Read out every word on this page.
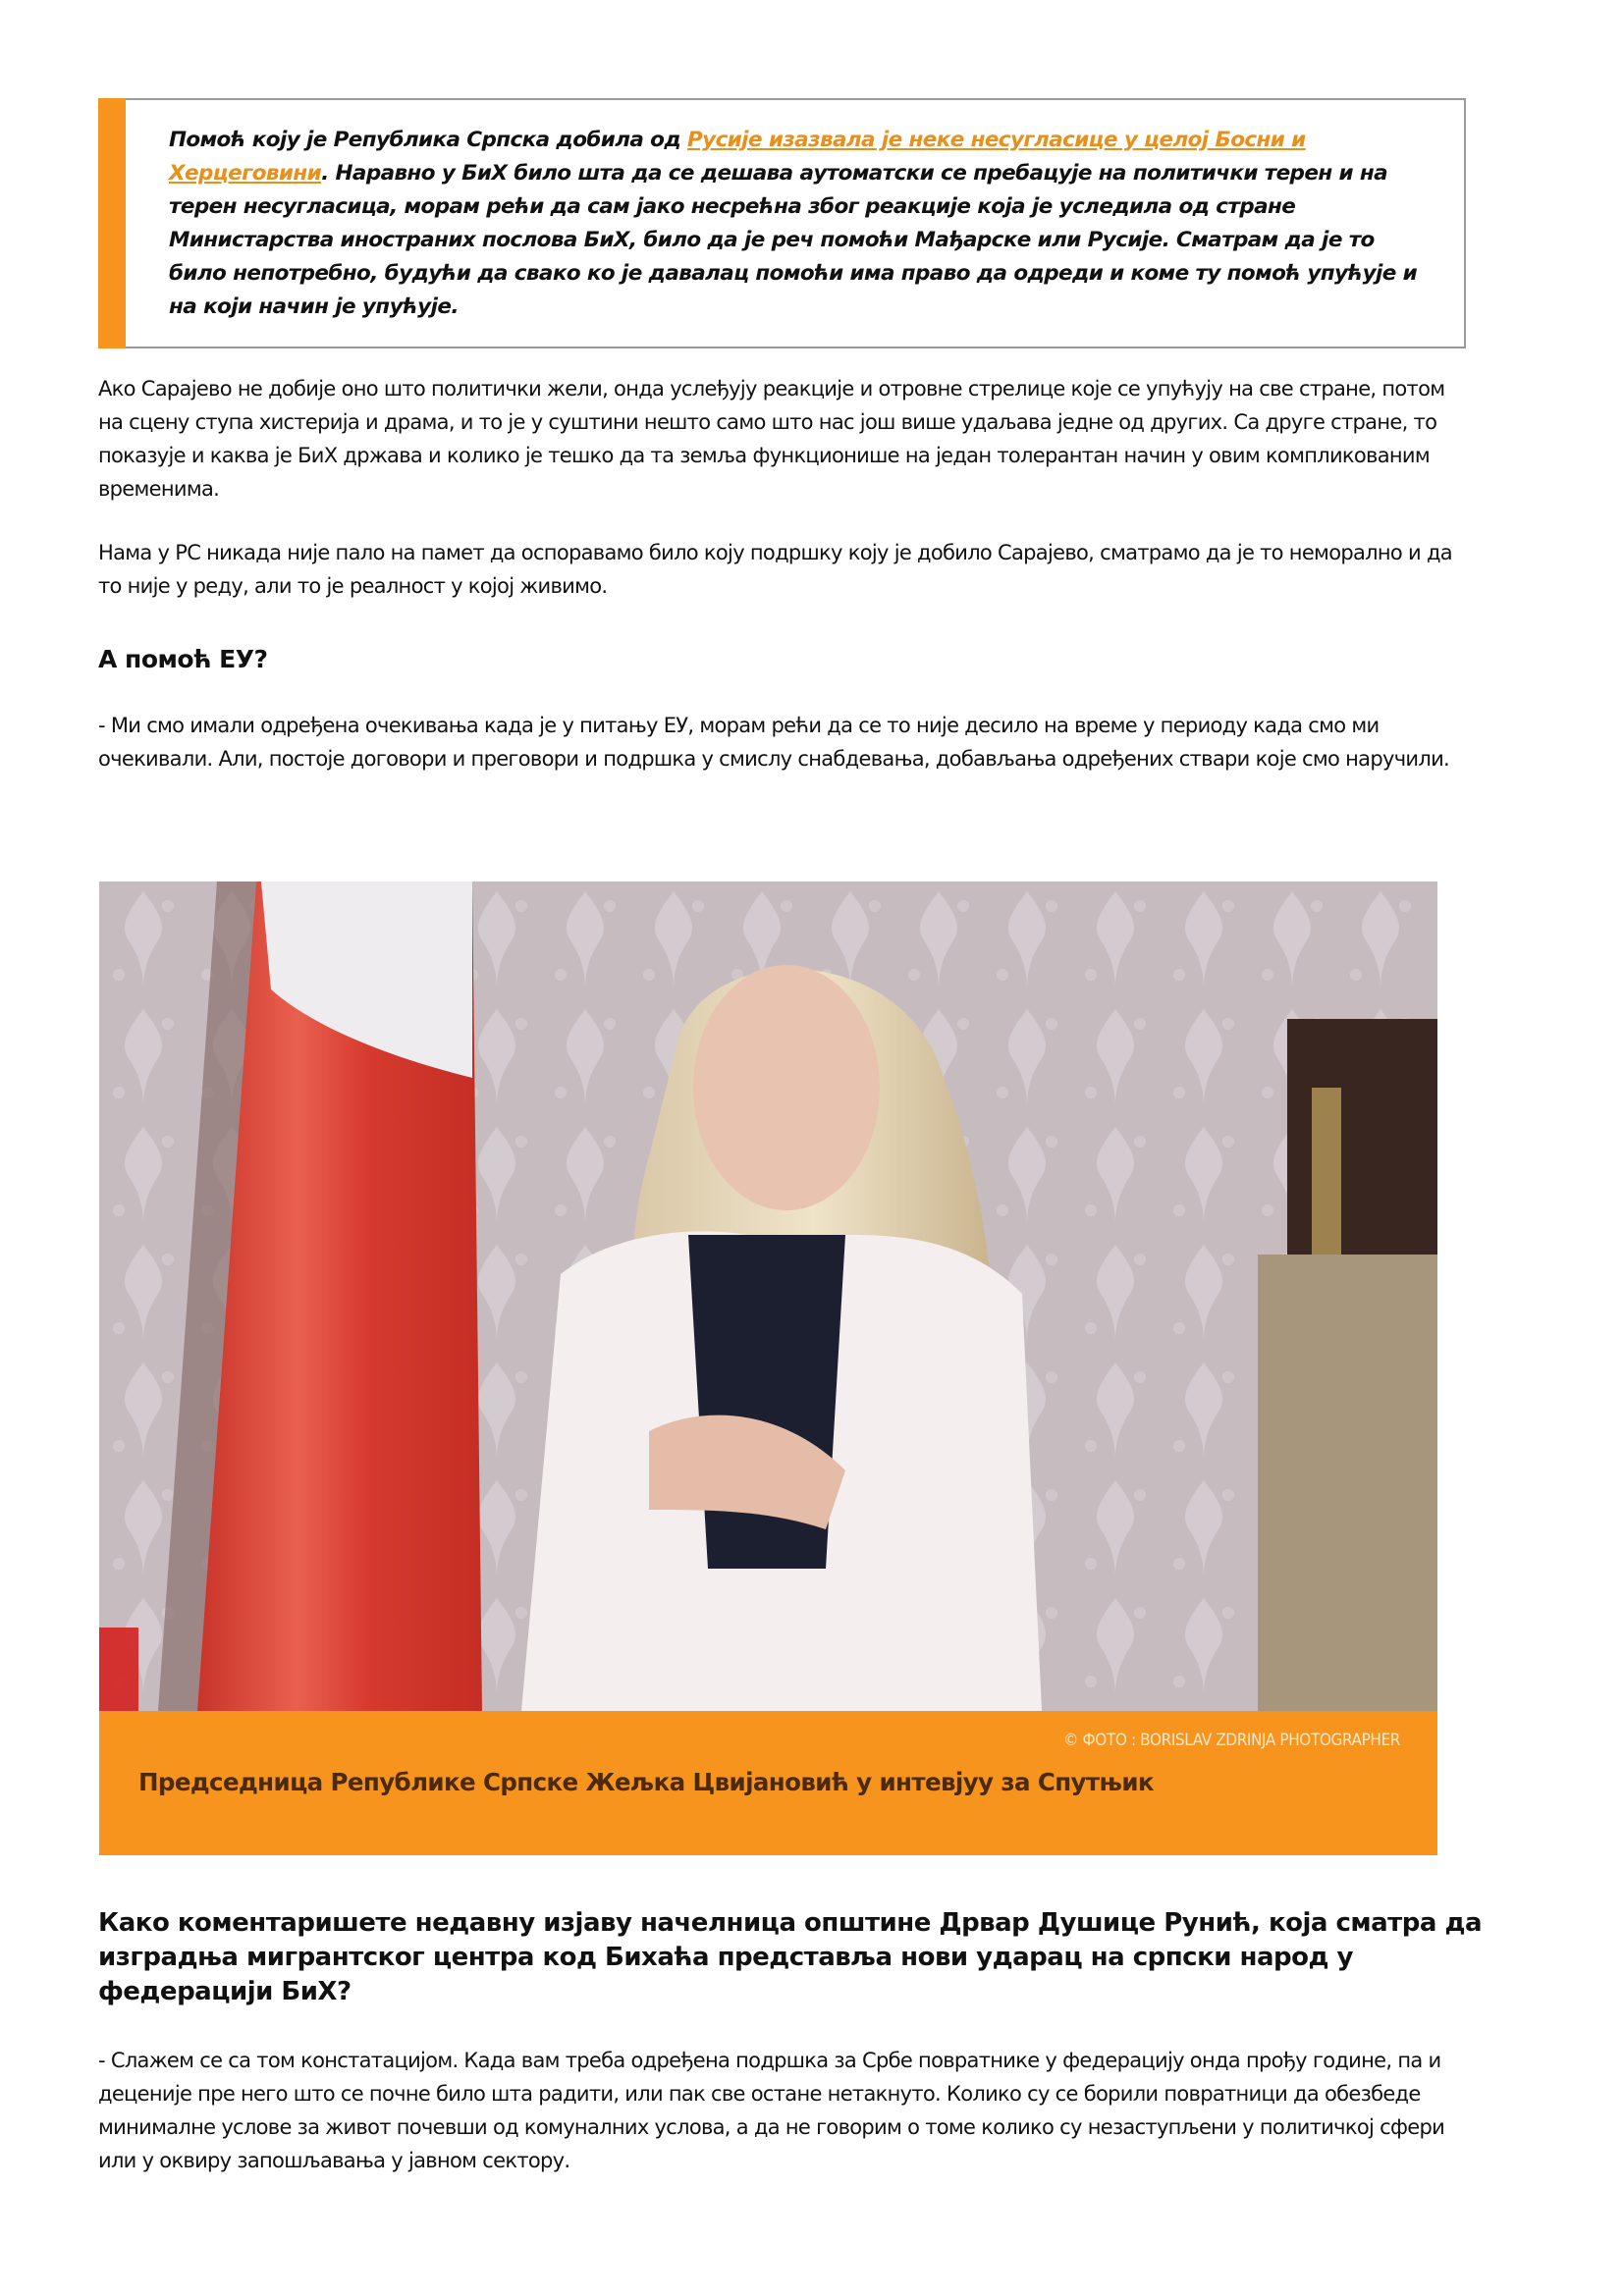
Помоћ коју је Република Српска добила од Русије изазвала је неке несугласице у целој Босни и Херцеговини. Наравно у БиХ било шта да се дешава аутоматски се пребацује на политички терен и на терен несугласица, морам рећи да сам јако несрећна због реакције која је уследила од стране Министарства иностраних послова БиХ, било да је реч помоћи Мађарске или Русије. Сматрам да је то било непотребно, будући да свако ко је давалац помоћи има право да одреди и коме ту помоћ упућује и на који начин је упућује.

Ако Сарајево не добије оно што политички жели, онда услеђују реакције и отровне стрелице које се упућују на све стране, потом на сцену ступа хистерија и драма, и то је у суштини нешто само што нас још више удаљава једне од других. Са друге стране, то показује и каква је БиХ држава и колико је тешко да та земља функционише на један толерантан начин у овим компликованим временима.

Нама у РС никада није пало на памет да оспоравамо било коју подршку коју је добило Сарајево, сматрамо да је то неморално и да то није у реду, али то је реалност у којој живимо.

А помоћ ЕУ?

- Ми смо имали одређена очекивања када је у питању ЕУ, морам рећи да се то није десило на време у периоду када смо ми очекивали. Али, постоје договори и преговори и подршка у смислу снабдевања, добављања одређених ствари које смо наручили.

© ФОТО : BORISLAV ZDRINJA PHOTOGRAPHER
Председница Републике Српске Жељка Цвијановић у интевјуу за Спутњик
Како коментаришете недавну изјаву начелница општине Дрвар Душице Рунић, која сматра да изградња мигрантског центра код Бихаћа представља нови ударац на српски народ у федерацији БиХ?

- Слажем се са том констатацијом. Када вам треба одређена подршка за Србе повратнике у федерацију онда прођу године, па и деценије пре него што се почне било шта радити, или пак све остане нетакнуто. Колико су се борили повратници да обезбеде минималне услове за живот почевши од комуналних услова, а да не говорим о томе колико су незаступљени у политичкој сфери или у оквиру запошљавања у јавном сектору.
